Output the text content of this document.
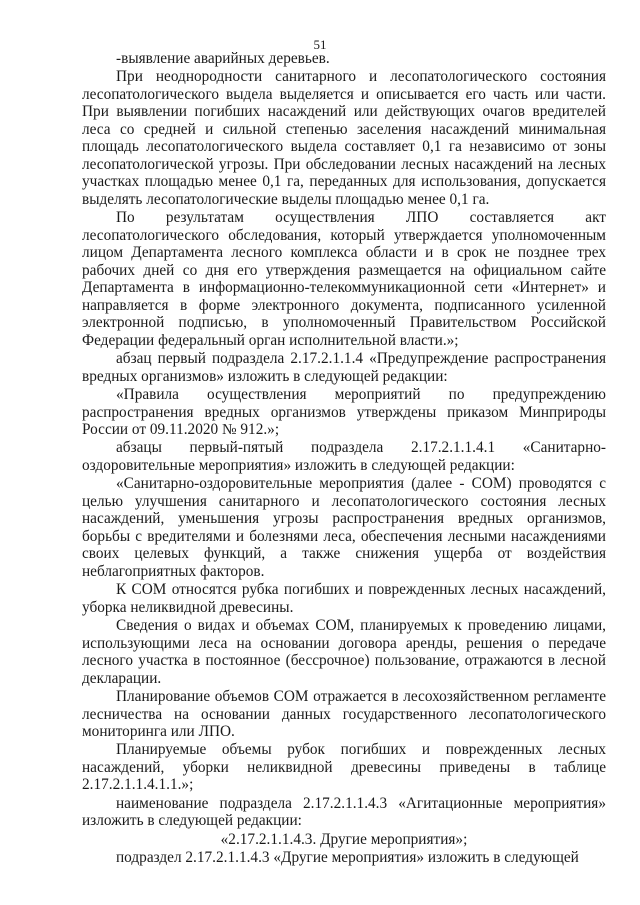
51

-выявление аварийных деревьев.

При неоднородности санитарного и лесопатологического состояния лесопатологического выдела выделяется и описывается его часть или части. При выявлении погибших насаждений или действующих очагов вредителей леса со средней и сильной степенью заселения насаждений минимальная площадь лесопатологического выдела составляет 0,1 га независимо от зоны лесопатологической угрозы. При обследовании лесных насаждений на лесных участках площадью менее 0,1 га, переданных для использования, допускается выделять лесопатологические выделы площадью менее 0,1 га.

По результатам осуществления ЛПО составляется акт лесопатологического обследования, который утверждается уполномоченным лицом Департамента лесного комплекса области и в срок не позднее трех рабочих дней со дня его утверждения размещается на официальном сайте Департамента в информационно-телекоммуникационной сети «Интернет» и направляется в форме электронного документа, подписанного усиленной электронной подписью, в уполномоченный Правительством Российской Федерации федеральный орган исполнительной власти.»;

абзац первый подраздела 2.17.2.1.1.4 «Предупреждение распространения вредных организмов» изложить в следующей редакции:

«Правила осуществления мероприятий по предупреждению распространения вредных организмов утверждены приказом Минприроды России от 09.11.2020 № 912.»;

абзацы первый-пятый подраздела 2.17.2.1.1.4.1 «Санитарно-оздоровительные мероприятия» изложить в следующей редакции:

«Санитарно-оздоровительные мероприятия (далее - СОМ) проводятся с целью улучшения санитарного и лесопатологического состояния лесных насаждений, уменьшения угрозы распространения вредных организмов, борьбы с вредителями и болезнями леса, обеспечения лесными насаждениями своих целевых функций, а также снижения ущерба от воздействия неблагоприятных факторов.

К СОМ относятся рубка погибших и поврежденных лесных насаждений, уборка неликвидной древесины.

Сведения о видах и объемах СОМ, планируемых к проведению лицами, использующими леса на основании договора аренды, решения о передаче лесного участка в постоянное (бессрочное) пользование, отражаются в лесной декларации.

Планирование объемов СОМ отражается в лесохозяйственном регламенте лесничества на основании данных государственного лесопатологического мониторинга или ЛПО.

Планируемые объемы рубок погибших и поврежденных лесных насаждений, уборки неликвидной древесины приведены в таблице 2.17.2.1.1.4.1.1.»;

наименование подраздела 2.17.2.1.1.4.3 «Агитационные мероприятия» изложить в следующей редакции:

«2.17.2.1.1.4.3. Другие мероприятия»;

подраздел 2.17.2.1.1.4.3 «Другие мероприятия» изложить в следующей
